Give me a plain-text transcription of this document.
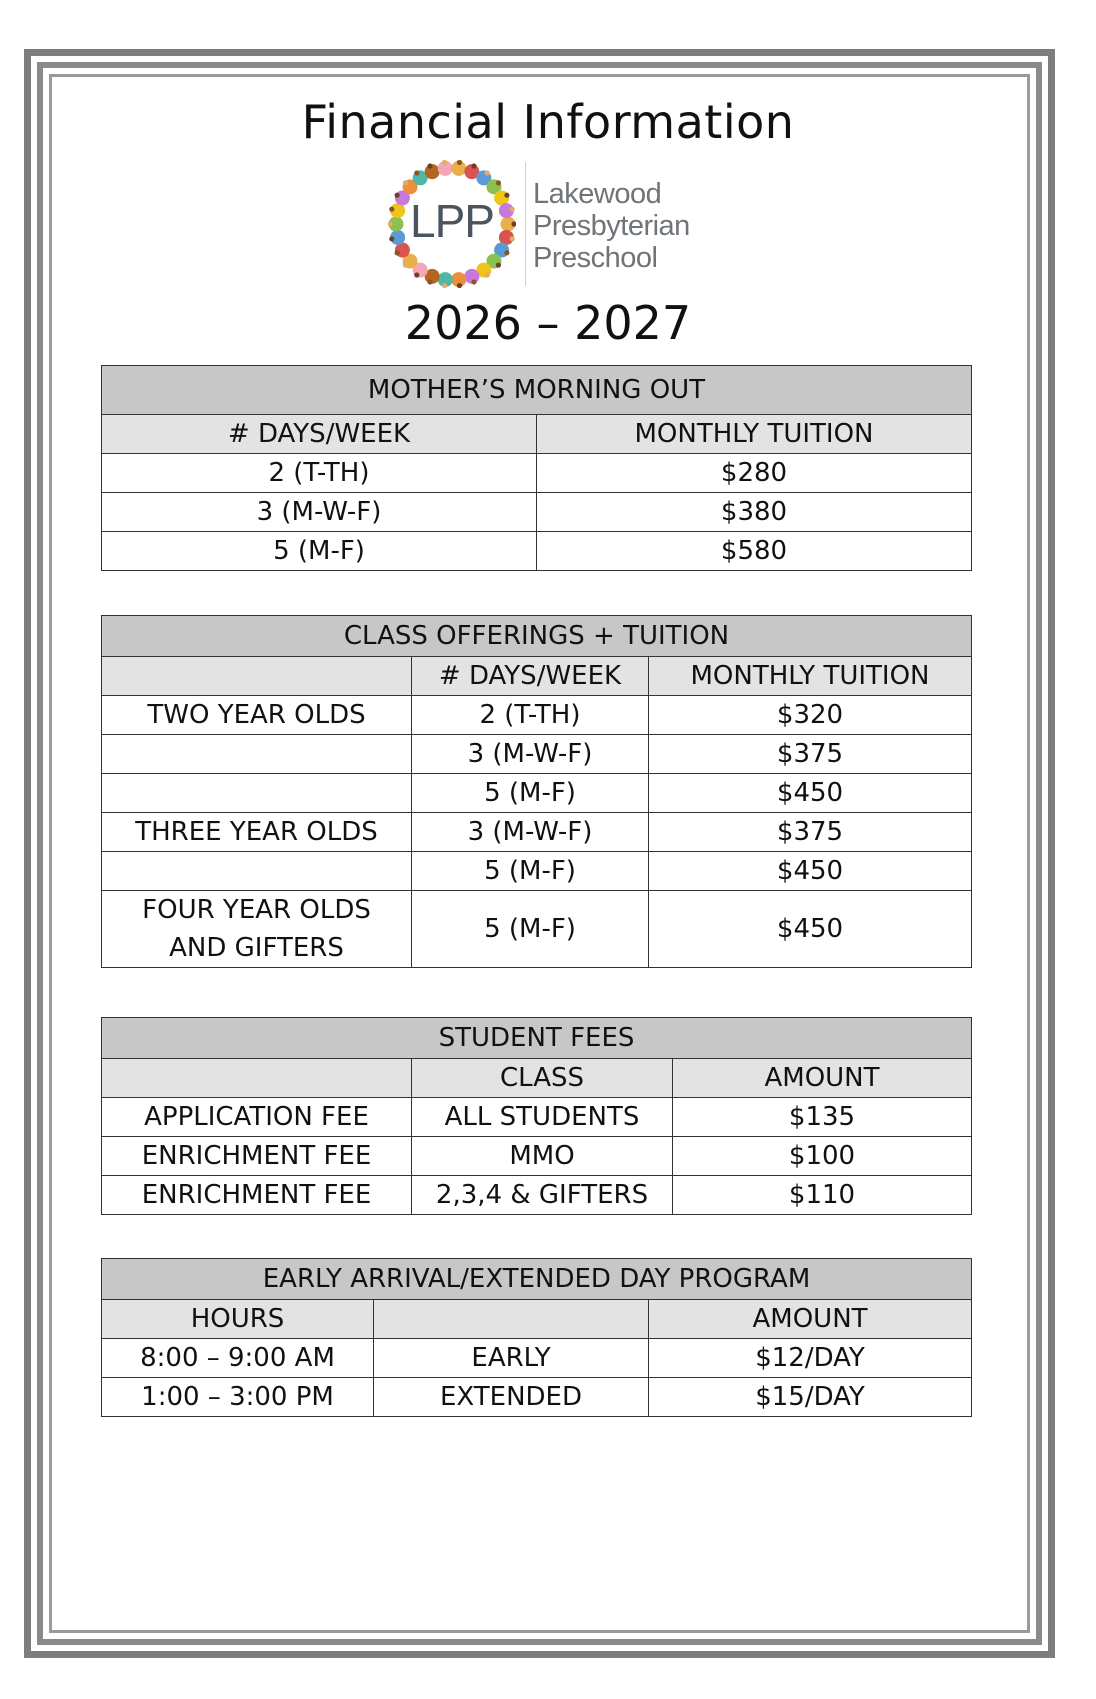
Financial Information
LPP
Lakewood
Presbyterian
Preschool
2026 – 2027
MOTHER’S MORNING OUT	
# DAYS/WEEK	MONTHLY TUITION
2 (T-TH)	$280
3 (M-W-F)	$380
5 (M-F)	$580
CLASS OFFERINGS + TUITION		
	# DAYS/WEEK	MONTHLY TUITION
TWO YEAR OLDS	2 (T-TH)	$320
	3 (M-W-F)	$375
	5 (M-F)	$450
THREE YEAR OLDS	3 (M-W-F)	$375
	5 (M-F)	$450

FOUR YEAR OLDS
AND GIFTERS	5 (M-F)	$450
STUDENT FEES		
	CLASS	AMOUNT
APPLICATION FEE	ALL STUDENTS	$135
ENRICHMENT FEE	MMO	$100
ENRICHMENT FEE	2,3,4 & GIFTERS	$110
EARLY ARRIVAL/EXTENDED DAY PROGRAM		
HOURS		AMOUNT
8:00 – 9:00 AM	EARLY	$12/DAY
1:00 – 3:00 PM	EXTENDED	$15/DAY
